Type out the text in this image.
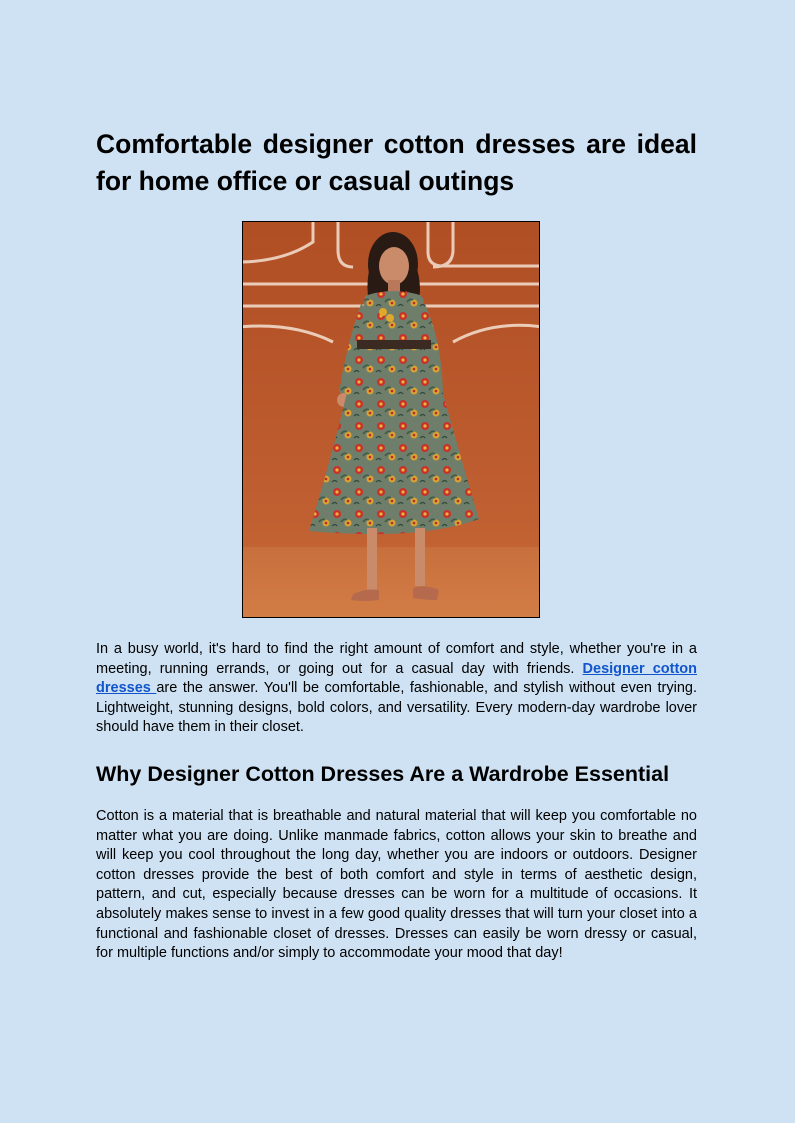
Comfortable designer cotton dresses are ideal for home office or casual outings

In a busy world, it's hard to find the right amount of comfort and style, whether you're in a meeting, running errands, or going out for a casual day with friends. Designer cotton dresses are the answer. You'll be comfortable, fashionable, and stylish without even trying. Lightweight, stunning designs, bold colors, and versatility. Every modern-day wardrobe lover should have them in their closet.

Why Designer Cotton Dresses Are a Wardrobe Essential

Cotton is a material that is breathable and natural material that will keep you comfortable no matter what you are doing. Unlike manmade fabrics, cotton allows your skin to breathe and will keep you cool throughout the long day, whether you are indoors or outdoors. Designer cotton dresses provide the best of both comfort and style in terms of aesthetic design, pattern, and cut, especially because dresses can be worn for a multitude of occasions. It absolutely makes sense to invest in a few good quality dresses that will turn your closet into a functional and fashionable closet of dresses. Dresses can easily be worn dressy or casual, for multiple functions and/or simply to accommodate your mood that day!
